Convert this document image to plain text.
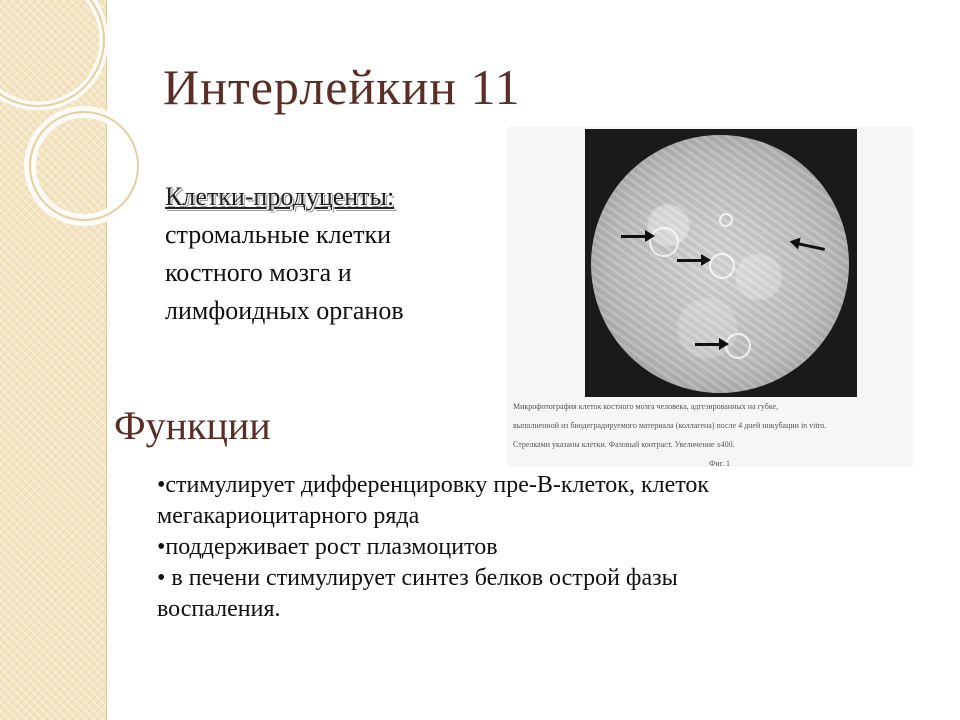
Интерлейкин 11
Клетки-продуценты:
стромальные клетки
костного мозга и
лимфоидных органов
Микрофотография клеток костного мозга человека, адгезированных на губке,
выполненной из биодеградируемого материала (коллагена) после 4 дней инкубации in vitro.
Стрелками указаны клетки. Фазовый контраст. Увеличение х400.
Фиг. 1
Функции
•стимулирует дифференцировку пре-В-клеток, клеток мегакариоцитарного ряда
•поддерживает рост плазмоцитов
• в печени стимулирует синтез белков острой фазы воспаления.
